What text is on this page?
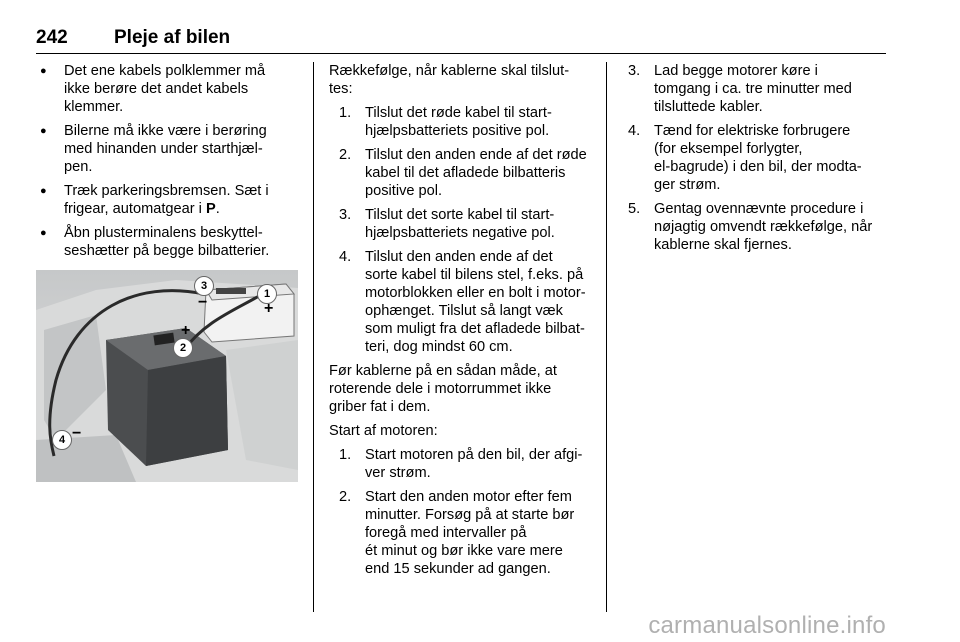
242 Pleje af bilen
● Det ene kabels polklemmer må
ikke berøre det andet kabels
klemmer.
● Bilerne må ikke være i berøring
med hinanden under starthjæl-
pen.
● Træk parkeringsbremsen. Sæt i
frigear, automatgear i P.
● Åbn plusterminalens beskyttel-
seshætter på begge bilbatterier.
1
2
3
4
+
+
−
−
Rækkefølge, når kablerne skal tilslut-
tes:
1. Tilslut det røde kabel til start-
hjælpsbatteriets positive pol.
2. Tilslut den anden ende af det røde
kabel til det afladede bilbatteris
positive pol.
3. Tilslut det sorte kabel til start-
hjælpsbatteriets negative pol.
4. Tilslut den anden ende af det
sorte kabel til bilens stel, f.eks. på
motorblokken eller en bolt i motor-
ophænget. Tilslut så langt væk
som muligt fra det afladede bilbat-
teri, dog mindst 60 cm.
Før kablerne på en sådan måde, at
roterende dele i motorrummet ikke
griber fat i dem.
Start af motoren:
1. Start motoren på den bil, der afgi-
ver strøm.
2. Start den anden motor efter fem
minutter. Forsøg på at starte bør
foregå med intervaller på
ét minut og bør ikke vare mere
end 15 sekunder ad gangen.
3. Lad begge motorer køre i
tomgang i ca. tre minutter med
tilsluttede kabler.
4. Tænd for elektriske forbrugere
(for eksempel forlygter,
el-bagrude) i den bil, der modta-
ger strøm.
5. Gentag ovennævnte procedure i
nøjagtig omvendt rækkefølge, når
kablerne skal fjernes.
carmanualsonline.info
